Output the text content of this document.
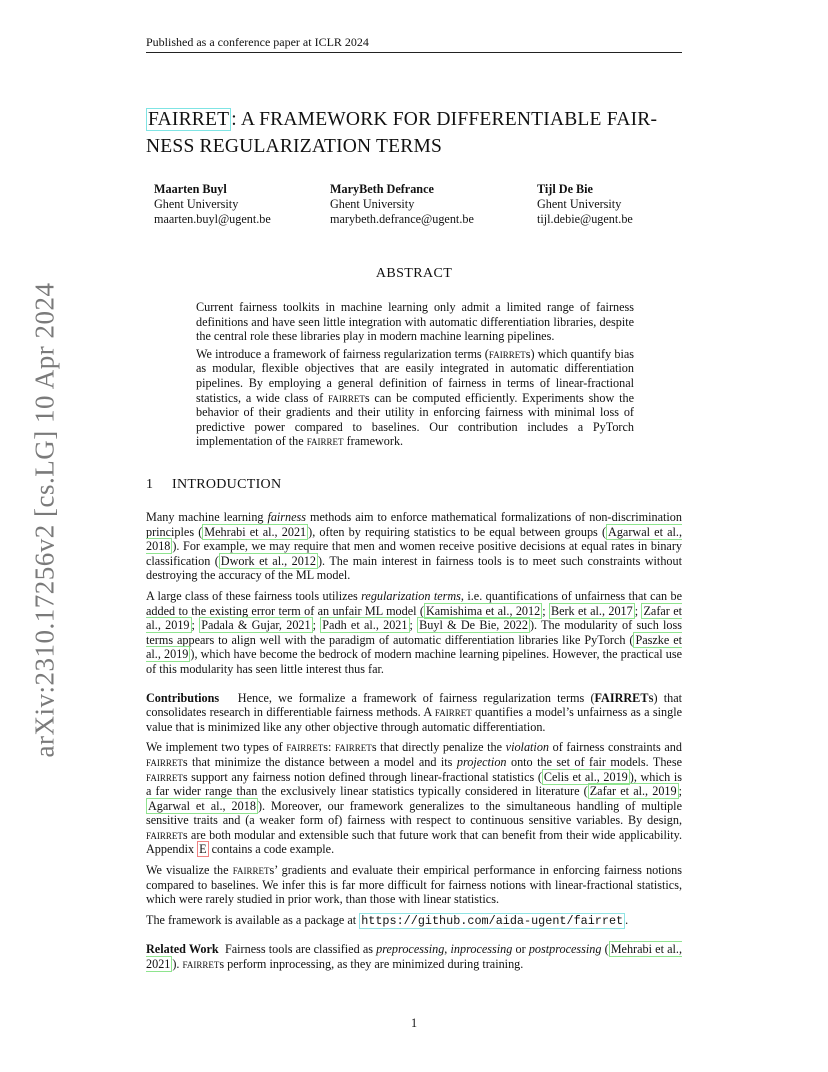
Published as a conference paper at ICLR 2024
arXiv:2310.17256v2 [cs.LG] 10 Apr 2024
FAIRRET : A FRAMEWORK FOR DIFFERENTIABLE FAIR-
NESS REGULARIZATION TERMS
Maarten Buyl
Ghent University
maarten.buyl@ugent.be
MaryBeth Defrance
Ghent University
marybeth.defrance@ugent.be
Tijl De Bie
Ghent University
tijl.debie@ugent.be
ABSTRACT

Current fairness toolkits in machine learning only admit a limited range of fairness definitions and have seen little integration with automatic differentiation libraries, despite the central role these libraries play in modern machine learning pipelines.

We introduce a framework of fairness regularization terms (fairrets) which quantify bias as modular, flexible objectives that are easily integrated in automatic differentiation pipelines. By employing a general definition of fairness in terms of linear-fractional statistics, a wide class of fairrets can be computed efficiently. Experiments show the behavior of their gradients and their utility in enforcing fairness with minimal loss of predictive power compared to baselines. Our contribution includes a PyTorch implementation of the fairret framework.

1 INTRODUCTION

Many machine learning fairness methods aim to enforce mathematical formalizations of non-discrimination principles ( Mehrabi et al., 2021 ), often by requiring statistics to be equal between groups ( Agarwal et al., 2018 ). For example, we may require that men and women receive positive decisions at equal rates in binary classification ( Dwork et al., 2012 ). The main interest in fairness tools is to meet such constraints without destroying the accuracy of the ML model.

A large class of these fairness tools utilizes regularization terms, i.e. quantifications of unfairness that can be added to the existing error term of an unfair ML model ( Kamishima et al., 2012 ; Berk et al., 2017 ; Zafar et al., 2019 ; Padala & Gujar, 2021 ; Padh et al., 2021 ; Buyl & De Bie, 2022 ). The modularity of such loss terms appears to align well with the paradigm of automatic differentiation libraries like PyTorch ( Paszke et al., 2019 ), which have become the bedrock of modern machine learning pipelines. However, the practical use of this modularity has seen little interest thus far.

Contributions Hence, we formalize a framework of fairness regularization terms (FAIRRETs) that consolidates research in differentiable fairness methods. A fairret quantifies a model’s unfairness as a single value that is minimized like any other objective through automatic differentiation.

We implement two types of fairrets: fairrets that directly penalize the violation of fairness constraints and fairrets that minimize the distance between a model and its projection onto the set of fair models. These fairrets support any fairness notion defined through linear-fractional statistics ( Celis et al., 2019 ), which is a far wider range than the exclusively linear statistics typically considered in literature ( Zafar et al., 2019 ; Agarwal et al., 2018 ). Moreover, our framework generalizes to the simultaneous handling of multiple sensitive traits and (a weaker form of) fairness with respect to continuous sensitive variables. By design, fairrets are both modular and extensible such that future work that can benefit from their wide applicability. Appendix E contains a code example.

We visualize the fairrets’ gradients and evaluate their empirical performance in enforcing fairness notions compared to baselines. We infer this is far more difficult for fairness notions with linear-fractional statistics, which were rarely studied in prior work, than those with linear statistics.

The framework is available as a package at https://github.com/aida-ugent/fairret .

Related Work Fairness tools are classified as preprocessing, inprocessing or postprocessing ( Mehrabi et al., 2021 ). fairrets perform inprocessing, as they are minimized during training.

1
